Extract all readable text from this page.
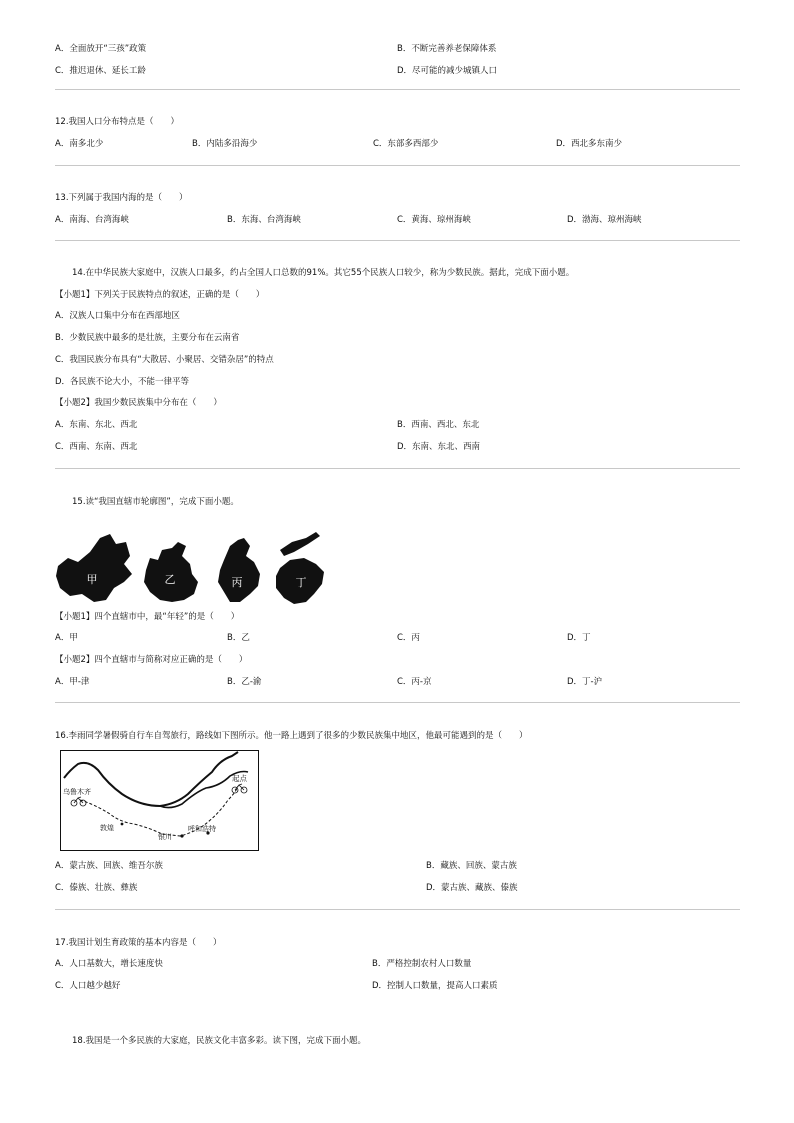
A．全面放开“三孩”政策	B．不断完善养老保障体系
C．推迟退休、延长工龄	D．尽可能的减少城镇人口
12.我国人口分布特点是（　　）
A．南多北少	B．内陆多沿海少	C．东部多西部少	D．西北多东南少
13.下列属于我国内海的是（　　）
A．南海、台湾海峡	B．东海、台湾海峡	C．黄海、琼州海峡	D．渤海、琼州海峡
14.在中华民族大家庭中，汉族人口最多，约占全国人口总数的91%。其它55个民族人口较少，称为少数民族。据此，完成下面小题。
【小题1】下列关于民族特点的叙述，正确的是（　　）
A．汉族人口集中分布在西部地区
B．少数民族中最多的是壮族，主要分布在云南省
C．我国民族分布具有“大散居、小聚居、交错杂居”的特点
D．各民族不论大小，不能一律平等
【小题2】我国少数民族集中分布在（　　）
A．东南、东北、西北	B．西南、西北、东北
C．西南、东南、西北	D．东南、东北、西南
15.读“我国直辖市轮廓图”，完成下面小题。
甲	乙	丙	丁
【小题1】四个直辖市中，最“年轻”的是（　　）
A．甲	B．乙	C．丙	D．丁
【小题2】四个直辖市与简称对应正确的是（　　）
A．甲-津	B．乙-渝	C．丙-京	D．丁-沪
16.李雨同学暑假骑自行车自驾旅行，路线如下图所示。他一路上遇到了很多的少数民族集中地区，他最可能遇到的是（　　）
起点
乌鲁木齐
敦煌
银川
呼和浩特
A．蒙古族、回族、维吾尔族	B．藏族、回族、蒙古族
C．傣族、壮族、彝族	D．蒙古族、藏族、傣族
17.我国计划生育政策的基本内容是（　　）
A．人口基数大，增长速度快	B．严格控制农村人口数量
C．人口越少越好	D．控制人口数量，提高人口素质
18.我国是一个多民族的大家庭，民族文化丰富多彩。读下图，完成下面小题。
